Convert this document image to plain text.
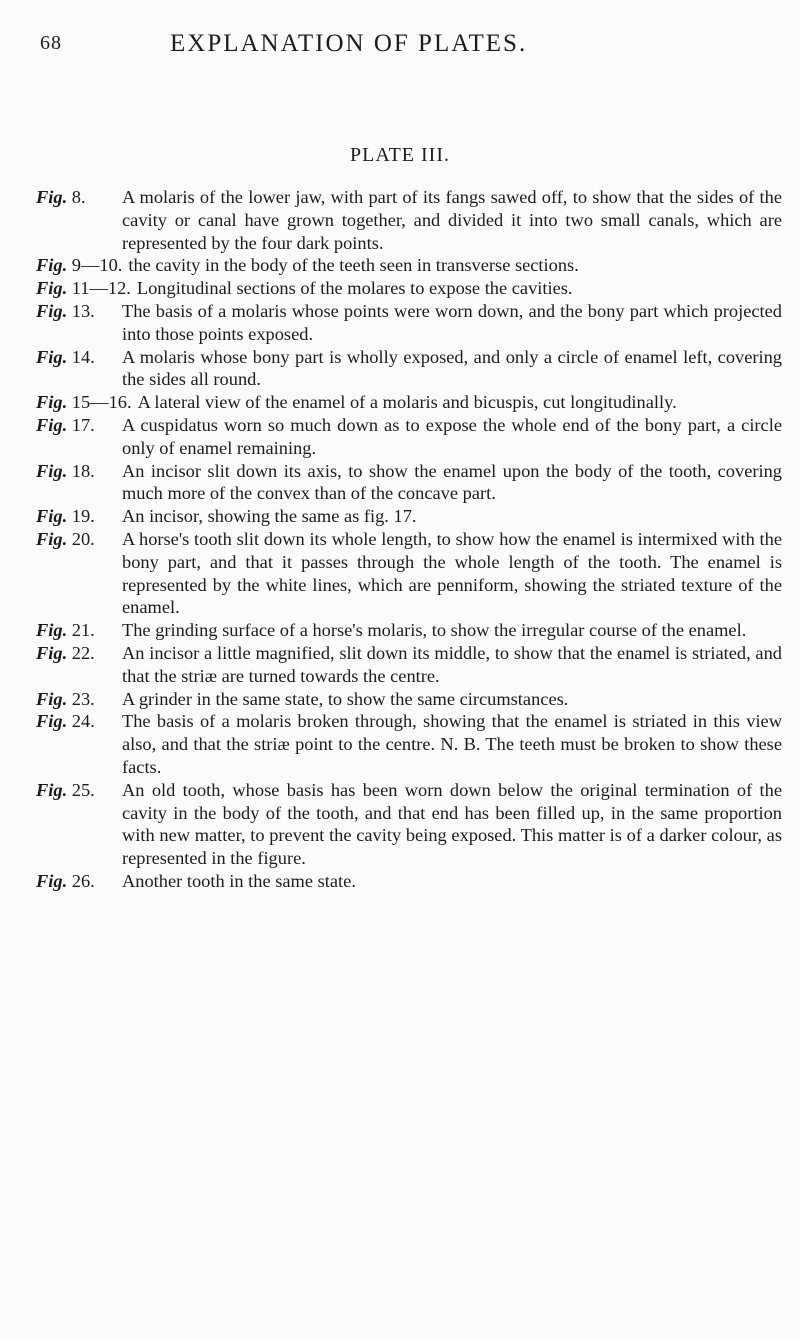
68	EXPLANATION OF PLATES.
PLATE III.
Fig. 8.	A molaris of the lower jaw, with part of its fangs sawed off, to show that the sides of the cavity or canal have grown together, and divided it into two small canals, which are represented by the four dark points.
Fig. 9—10. the cavity in the body of the teeth seen in transverse sections.
Fig. 11—12. Longitudinal sections of the molares to expose the cavities.
Fig. 13.	The basis of a molaris whose points were worn down, and the bony part which projected into those points exposed.
Fig. 14.	A molaris whose bony part is wholly exposed, and only a circle of enamel left, covering the sides all round.
Fig. 15—16. A lateral view of the enamel of a molaris and bicuspis, cut longitudinally.
Fig. 17.	A cuspidatus worn so much down as to expose the whole end of the bony part, a circle only of enamel remaining.
Fig. 18.	An incisor slit down its axis, to show the enamel upon the body of the tooth, covering much more of the convex than of the concave part.
Fig. 19.	An incisor, showing the same as fig. 17.
Fig. 20.	A horse's tooth slit down its whole length, to show how the enamel is intermixed with the bony part, and that it passes through the whole length of the tooth. The enamel is represented by the white lines, which are penniform, showing the striated texture of the enamel.
Fig. 21.	The grinding surface of a horse's molaris, to show the irregular course of the enamel.
Fig. 22.	An incisor a little magnified, slit down its middle, to show that the enamel is striated, and that the striæ are turned towards the centre.
Fig. 23.	A grinder in the same state, to show the same circumstances.
Fig. 24.	The basis of a molaris broken through, showing that the enamel is striated in this view also, and that the striæ point to the centre. N. B. The teeth must be broken to show these facts.
Fig. 25.	An old tooth, whose basis has been worn down below the original termination of the cavity in the body of the tooth, and that end has been filled up, in the same proportion with new matter, to prevent the cavity being exposed. This matter is of a darker colour, as represented in the figure.
Fig. 26.	Another tooth in the same state.
